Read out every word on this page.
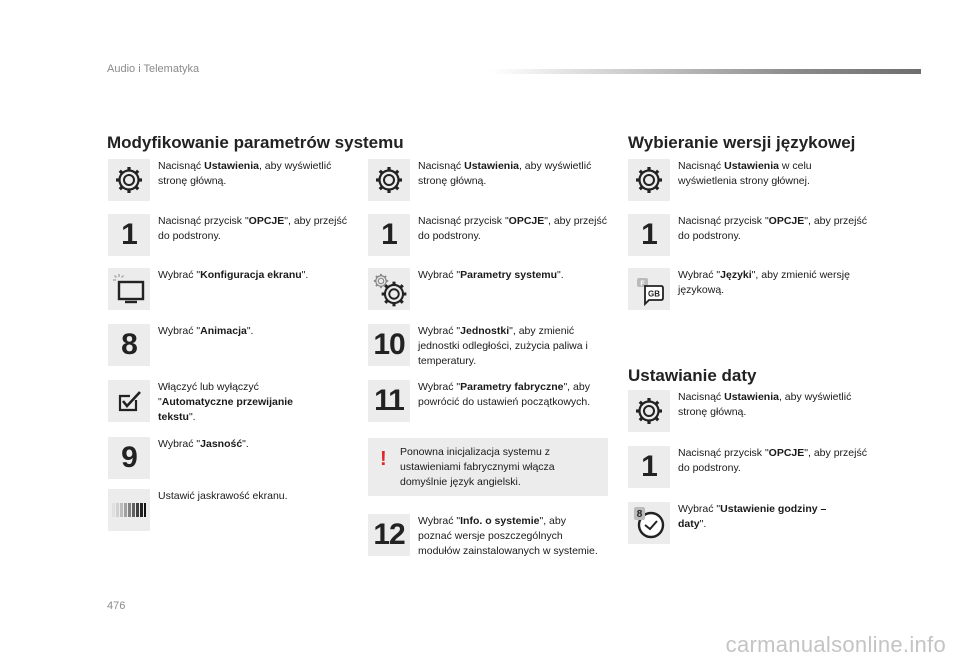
Audio i Telematyka
Modyfikowanie parametrów systemu	Wybieranie wersji językowej
Ustawianie daty
Nacisnąć Ustawienia, aby wyświetlić stronę główną.
1 Nacisnąć przycisk "OPCJE", aby przejść do podstrony.
Wybrać "Konfiguracja ekranu".
8 Wybrać "Animacja".
Włączyć lub wyłączyć "Automatyczne przewijanie tekstu".
9 Wybrać "Jasność".
Ustawić jaskrawość ekranu.
Nacisnąć Ustawienia, aby wyświetlić stronę główną.
1 Nacisnąć przycisk "OPCJE", aby przejść do podstrony.
Wybrać "Parametry systemu".
10 Wybrać "Jednostki", aby zmienić jednostki odległości, zużycia paliwa i temperatury.
11 Wybrać "Parametry fabryczne", aby powrócić do ustawień początkowych.
! Ponowna inicjalizacja systemu z ustawieniami fabrycznymi włącza domyślnie język angielski.
12 Wybrać "Info. o systemie", aby poznać wersje poszczególnych modułów zainstalowanych w systemie.
Nacisnąć Ustawienia w celu wyświetlenia strony głównej.
1 Nacisnąć przycisk "OPCJE", aby przejść do podstrony.
F
GB
Wybrać "Języki", aby zmienić wersję językową.
Nacisnąć Ustawienia, aby wyświetlić stronę główną.
1 Nacisnąć przycisk "OPCJE", aby przejść do podstrony.
8	Wybrać "Ustawienie godziny – daty".
476
carmanualsonline.info
